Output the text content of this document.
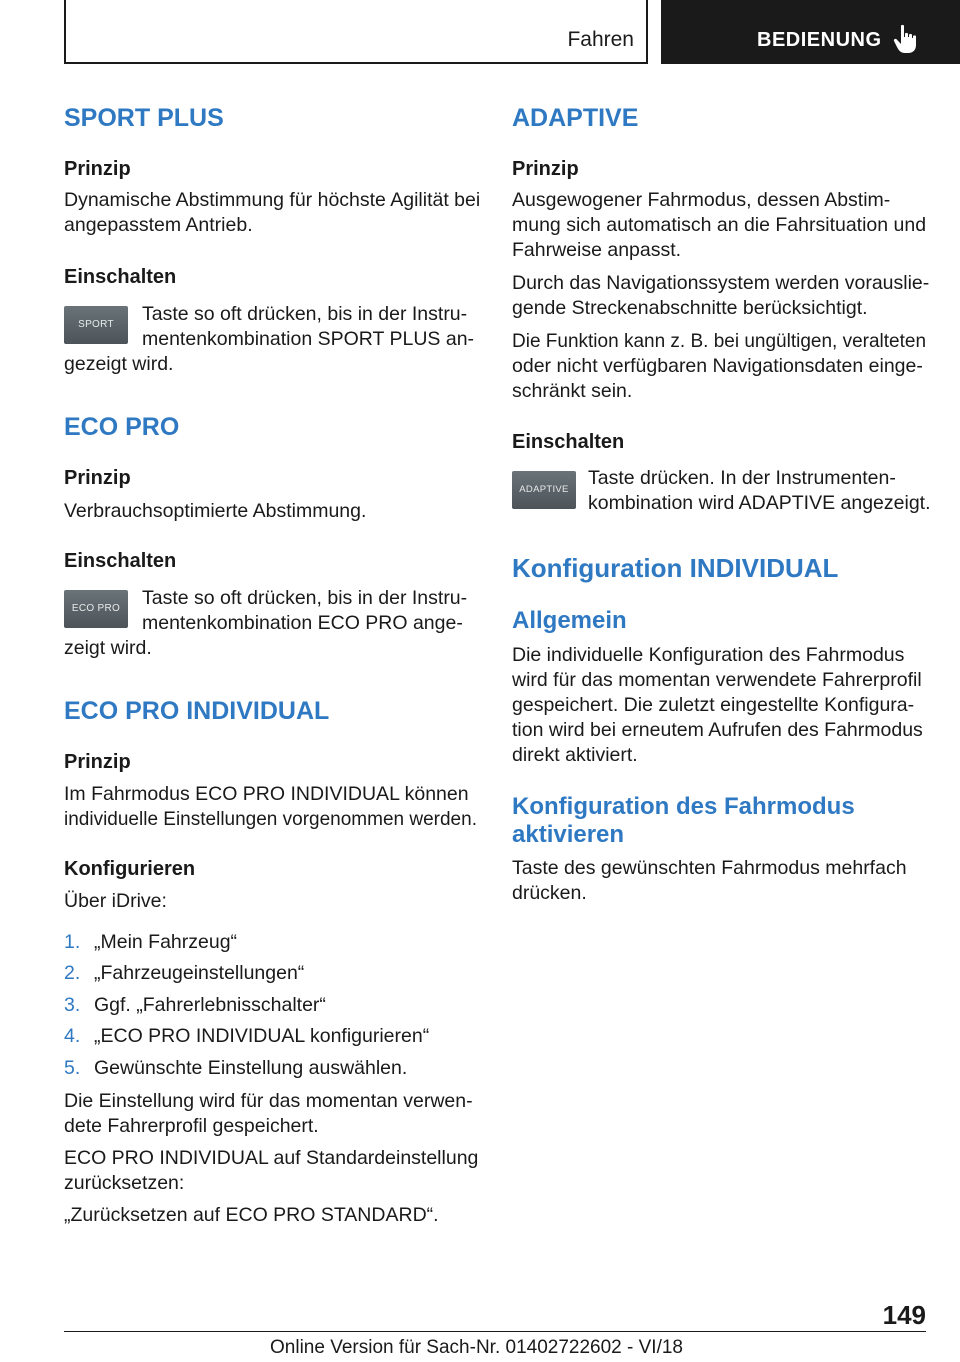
Fahren	BEDIENUNG
SPORT PLUS
Prinzip

Dynamische Abstimmung für höchste Agilität bei angepasstem Antrieb.

Einschalten
SPORT	Taste so oft drücken, bis in der Instru-

mentenkombination SPORT PLUS an-

gezeigt wird.

ECO PRO
Prinzip

Verbrauchsoptimierte Abstimmung.

Einschalten
ECO PRO	Taste so oft drücken, bis in der Instru-

mentenkombination ECO PRO ange-

zeigt wird.

ECO PRO INDIVIDUAL
Prinzip

Im Fahrmodus ECO PRO INDIVIDUAL können

individuelle Einstellungen vorgenommen werden.

Konfigurieren

Über iDrive:

1. „Mein Fahrzeug“
2. „Fahrzeugeinstellungen“
3. Ggf. „Fahrerlebnisschalter“
4. „ECO PRO INDIVIDUAL konfigurieren“
5. Gewünschte Einstellung auswählen.

Die Einstellung wird für das momentan verwen-

dete Fahrerprofil gespeichert.

ECO PRO INDIVIDUAL auf Standardeinstellung

zurücksetzen:

„Zurücksetzen auf ECO PRO STANDARD“.

ADAPTIVE
Prinzip

Ausgewogener Fahrmodus, dessen Abstim-

mung sich automatisch an die Fahrsituation und

Fahrweise anpasst.

Durch das Navigationssystem werden vorauslie-

gende Streckenabschnitte berücksichtigt.

Die Funktion kann z. B. bei ungültigen, veralteten

oder nicht verfügbaren Navigationsdaten einge-

schränkt sein.

Einschalten
ADAPTIVE

Taste drücken. In der Instrumenten-

kombination wird ADAPTIVE angezeigt.

Konfiguration INDIVIDUAL
Allgemein

Die individuelle Konfiguration des Fahrmodus

wird für das momentan verwendete Fahrerprofil

gespeichert. Die zuletzt eingestellte Konfigura-

tion wird bei erneutem Aufrufen des Fahrmodus

direkt aktiviert.

Konfiguration des Fahrmodus
aktivieren

Taste des gewünschten Fahrmodus mehrfach

drücken.

149
Online Version für Sach-Nr. 01402722602 - VI/18
